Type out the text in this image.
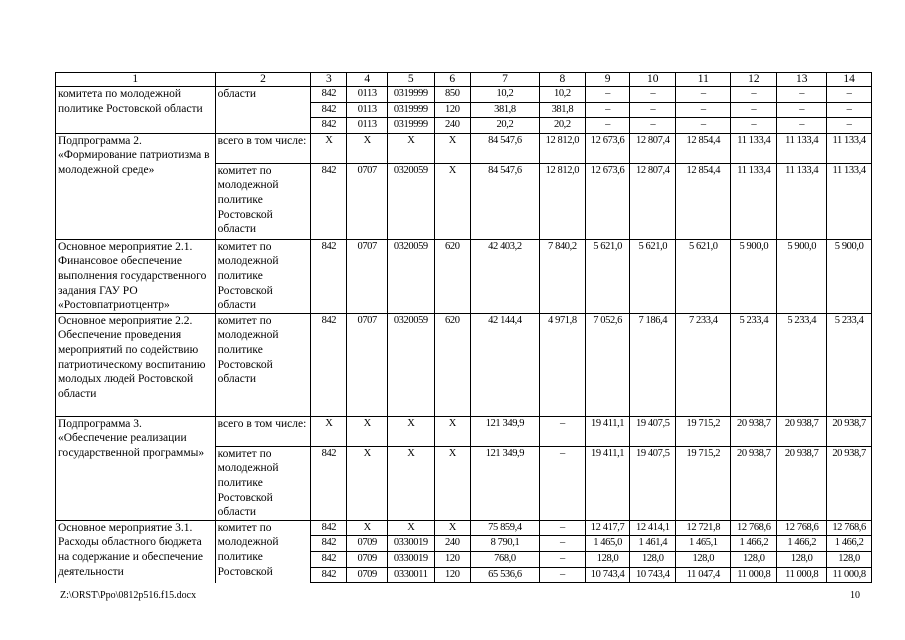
1	2	3	4	5	6	7	8	9	10	11	12	13	14
комитета по молодежной политике Ростовской области	области	842	0113	0319999	850	10,2	10,2	–	–	–	–	–	–
		842	0113	0319999	120	381,8	381,8	–	–	–	–	–	–
		842	0113	0319999	240	20,2	20,2	–	–	–	–	–	–
Подпрограмма 2. «Формирование патриотизма в молодежной среде»	всего в том числе:	Х	Х	Х	Х	84 547,6	12 812,0	12 673,6	12 807,4	12 854,4	11 133,4	11 133,4	11 133,4
	комитет по молодежной политике Ростовской области	842	0707	0320059	Х	84 547,6	12 812,0	12 673,6	12 807,4	12 854,4	11 133,4	11 133,4	11 133,4
Основное мероприятие 2.1. Финансовое обеспечение выполнения государственного задания ГАУ РО «Ростовпатриотцентр»	комитет по молодежной политике Ростовской области	842	0707	0320059	620	42 403,2	7 840,2	5 621,0	5 621,0	5 621,0	5 900,0	5 900,0	5 900,0
Основное мероприятие 2.2. Обеспечение проведения мероприятий по содействию патриотическому воспитанию молодых людей Ростовской области	комитет по молодежной политике Ростовской области	842	0707	0320059	620	42 144,4	4 971,8	7 052,6	7 186,4	7 233,4	5 233,4	5 233,4	5 233,4
Подпрограмма 3. «Обеспечение реализации государственной программы»	всего в том числе:	Х	Х	Х	Х	121 349,9	–	19 411,1	19 407,5	19 715,2	20 938,7	20 938,7	20 938,7
	комитет по молодежной политике Ростовской области	842	Х	Х	Х	121 349,9	–	19 411,1	19 407,5	19 715,2	20 938,7	20 938,7	20 938,7
Основное мероприятие 3.1. Расходы областного бюджета на содержание и обеспечение деятельности	комитет по молодежной политике Ростовской	842	Х	Х	Х	75 859,4	–	12 417,7	12 414,1	12 721,8	12 768,6	12 768,6	12 768,6
		842	0709	0330019	240	8 790,1	–	1 465,0	1 461,4	1 465,1	1 466,2	1 466,2	1 466,2
		842	0709	0330019	120	768,0	–	128,0	128,0	128,0	128,0	128,0	128,0
		842	0709	0330011	120	65 536,6	–	10 743,4	10 743,4	11 047,4	11 000,8	11 000,8	11 000,8
Z:\ORST\Ppo\0812p516.f15.docx	10
